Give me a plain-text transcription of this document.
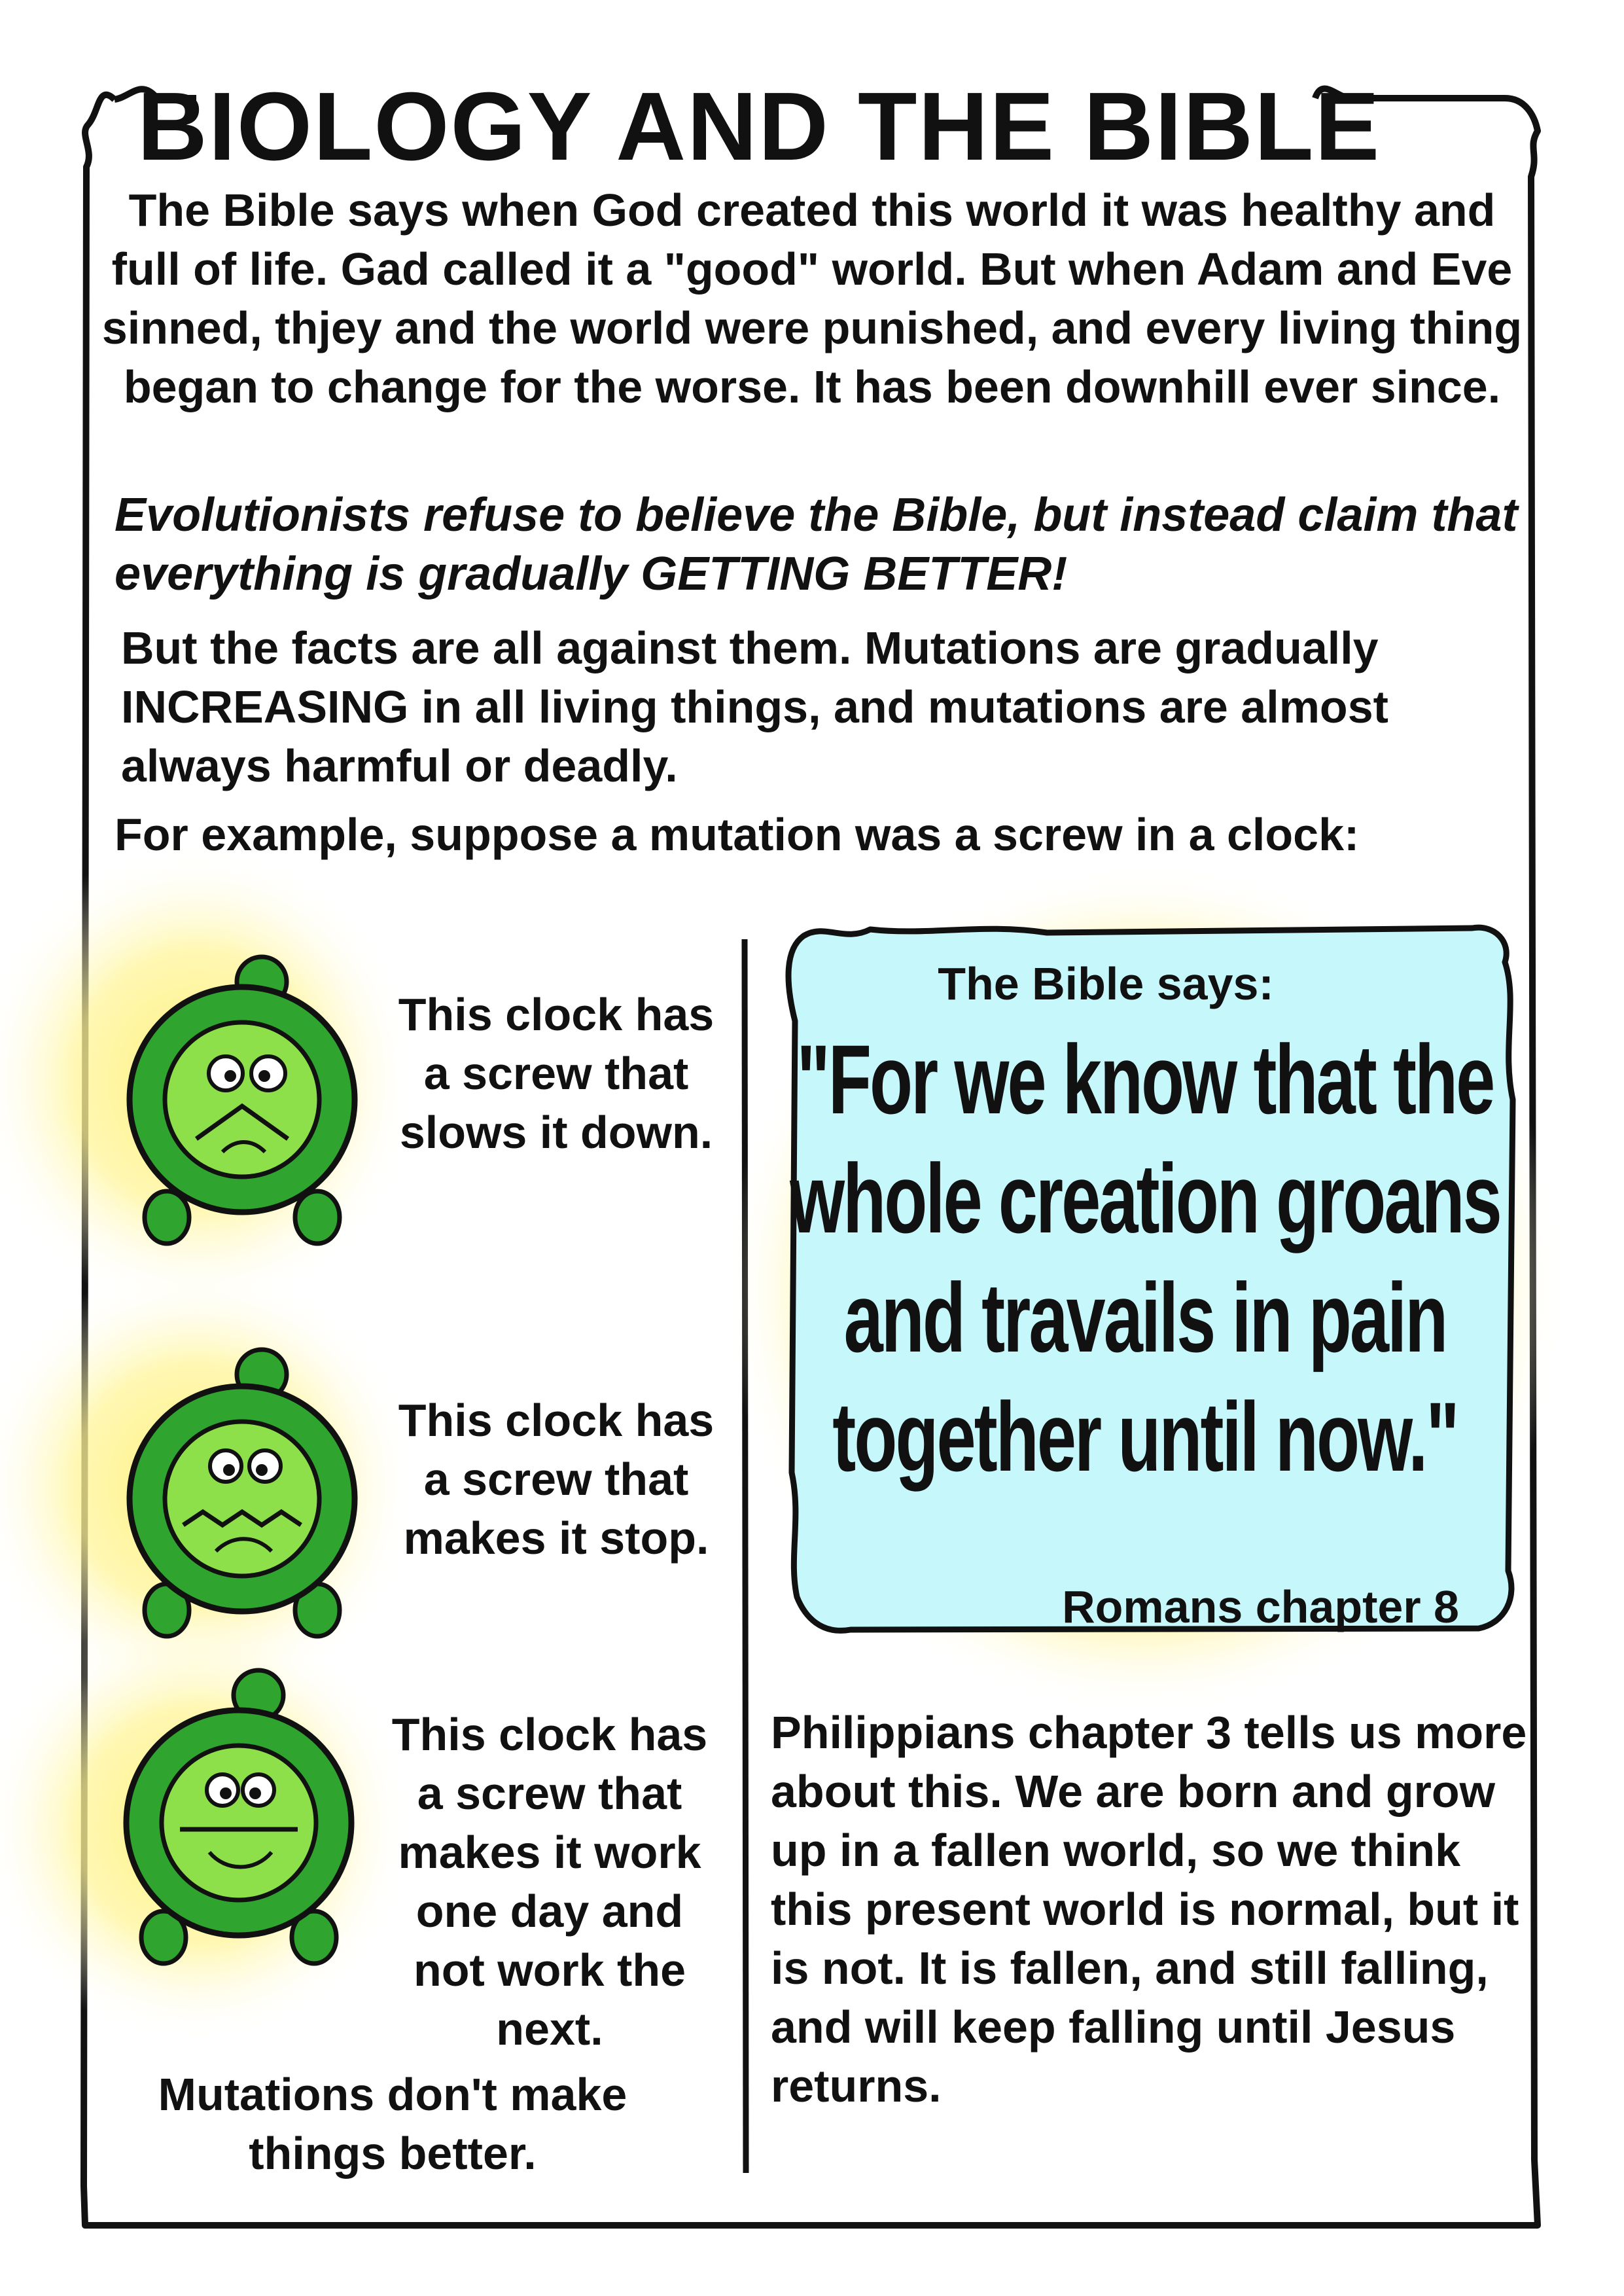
BIOLOGY AND THE BIBLE

The Bible says when God created this world it was healthy and full of life. Gad called it a "good" world. But when Adam and Eve sinned, thjey and the world were punished, and every living thing began to change for the worse. It has been downhill ever since.

Evolutionists refuse to believe the Bible, but instead claim that everything is gradually GETTING BETTER!

But the facts are all against them. Mutations are gradually INCREASING in all living things, and mutations are almost always harmful or deadly.

For example, suppose a mutation was a screw in a clock:

This clock has a screw that slows it down.

This clock has a screw that makes it stop.

This clock has a screw that makes it work one day and not work the next.

Mutations don't make things better.

The Bible says:
"For we know that the whole creation groans and travails in pain together until now."
Romans chapter 8

Philippians chapter 3 tells us more about this. We are born and grow up in a fallen world, so we think this present world is normal, but it is not. It is fallen, and still falling, and will keep falling until Jesus returns.
